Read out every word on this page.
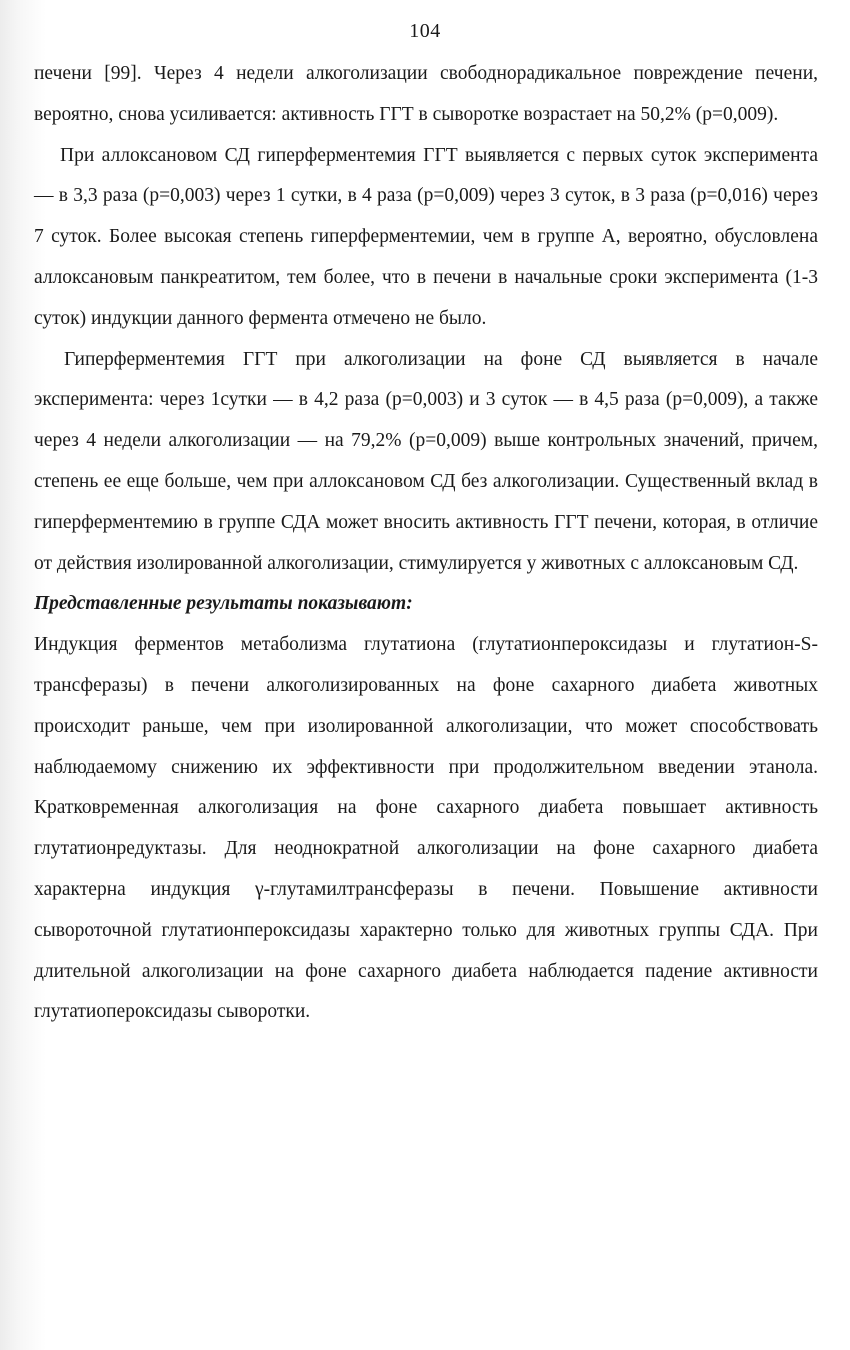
104

печени [99]. Через 4 недели алкоголизации свободнорадикальное повреждение печени, вероятно, снова усиливается: активность ГГТ в сыворотке возрастает на 50,2% (p=0,009).

При аллоксановом СД гиперферментемия ГГТ выявляется с первых суток эксперимента — в 3,3 раза (p=0,003) через 1 сутки, в 4 раза (p=0,009) через 3 суток, в 3 раза (p=0,016) через 7 суток. Более высокая степень гиперферментемии, чем в группе А, вероятно, обусловлена аллоксановым панкреатитом, тем более, что в печени в начальные сроки эксперимента (1-3 суток) индукции данного фермента отмечено не было.

Гиперферментемия ГГТ при алкоголизации на фоне СД выявляется в начале эксперимента: через 1сутки — в 4,2 раза (p=0,003) и 3 суток — в 4,5 раза (p=0,009), а также через 4 недели алкоголизации — на 79,2% (p=0,009) выше контрольных значений, причем, степень ее еще больше, чем при аллоксановом СД без алкоголизации. Существенный вклад в гиперферментемию в группе СДА может вносить активность ГГТ печени, которая, в отличие от действия изолированной алкоголизации, стимулируется у животных с аллоксановым СД.

Представленные результаты показывают:

Индукция ферментов метаболизма глутатиона (глутатионпероксидазы и глутатион-S-трансферазы) в печени алкоголизированных на фоне сахарного диабета животных происходит раньше, чем при изолированной алкоголизации, что может способствовать наблюдаемому снижению их эффективности при продолжительном введении этанола. Кратковременная алкоголизация на фоне сахарного диабета повышает активность глутатионредуктазы. Для неоднократной алкоголизации на фоне сахарного диабета характерна индукция γ-глутамилтрансферазы в печени. Повышение активности сывороточной глутатионпероксидазы характерно только для животных группы СДА. При длительной алкоголизации на фоне сахарного диабета наблюдается падение активности глутатиопероксидазы сыворотки.
